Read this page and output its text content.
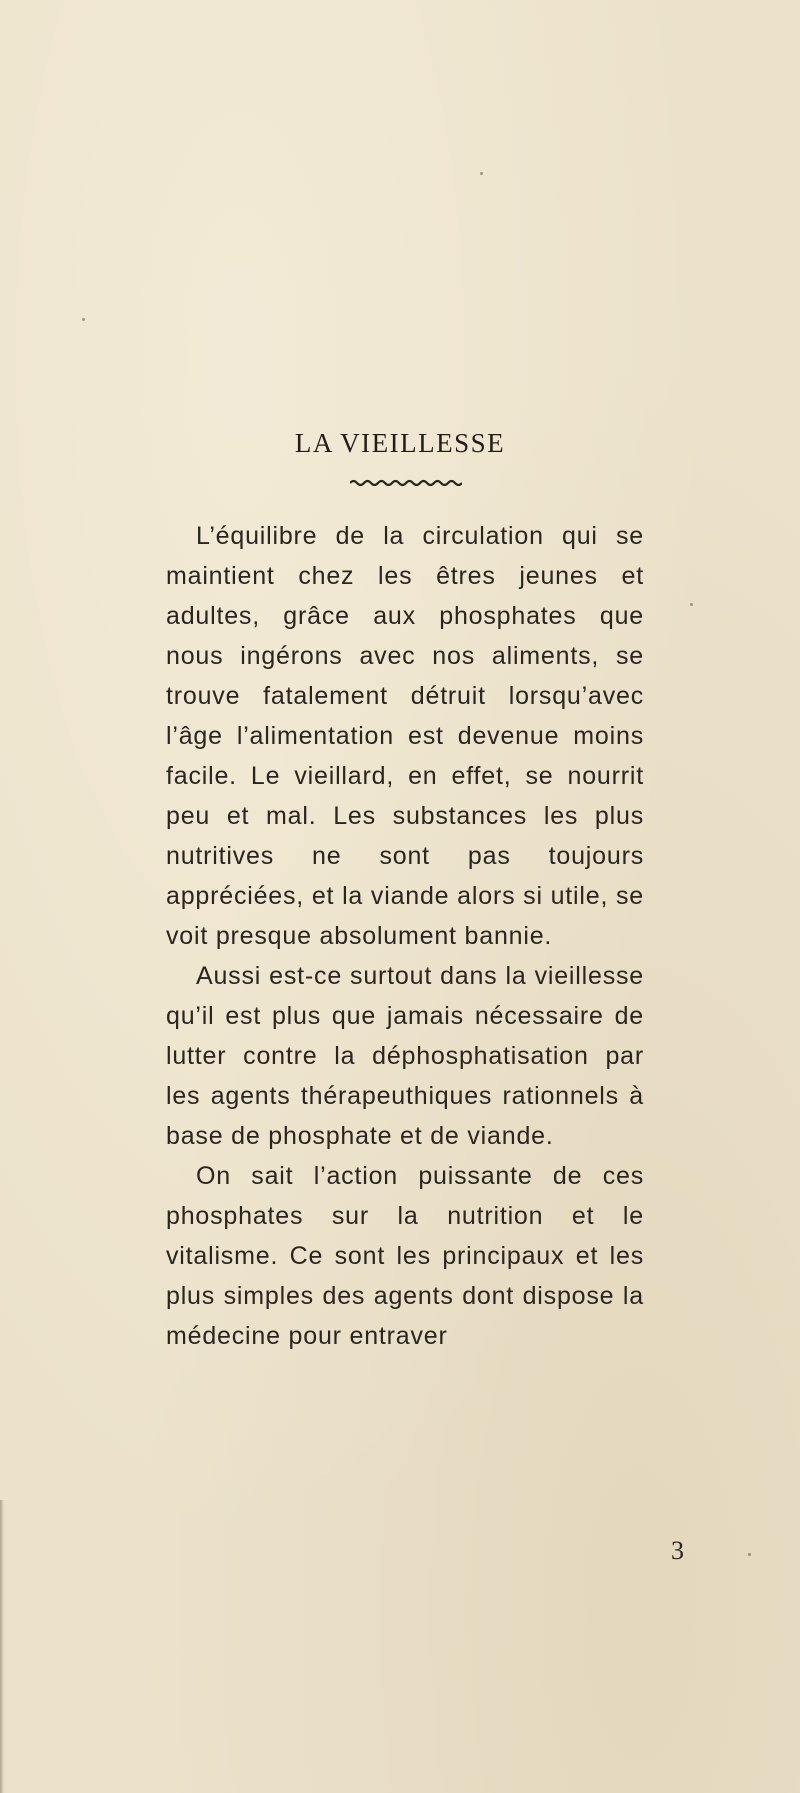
LA VIEILLESSE

L’équilibre de la circulation qui se maintient chez les êtres jeunes et adultes, grâce aux phosphates que nous ingérons avec nos aliments, se trouve fatalement détruit lorsqu’avec l’âge l’alimentation est devenue moins facile. Le vieillard, en effet, se nourrit peu et mal. Les substances les plus nutritives ne sont pas toujours appréciées, et la viande alors si utile, se voit presque absolument bannie.

Aussi est-ce surtout dans la vieillesse qu’il est plus que jamais nécessaire de lutter contre la déphosphatisation par les agents thérapeuthiques rationnels à base de phosphate et de viande.

On sait l’action puissante de ces phosphates sur la nutrition et le vitalisme. Ce sont les principaux et les plus simples des agents dont dispose la médecine pour entraver

3
